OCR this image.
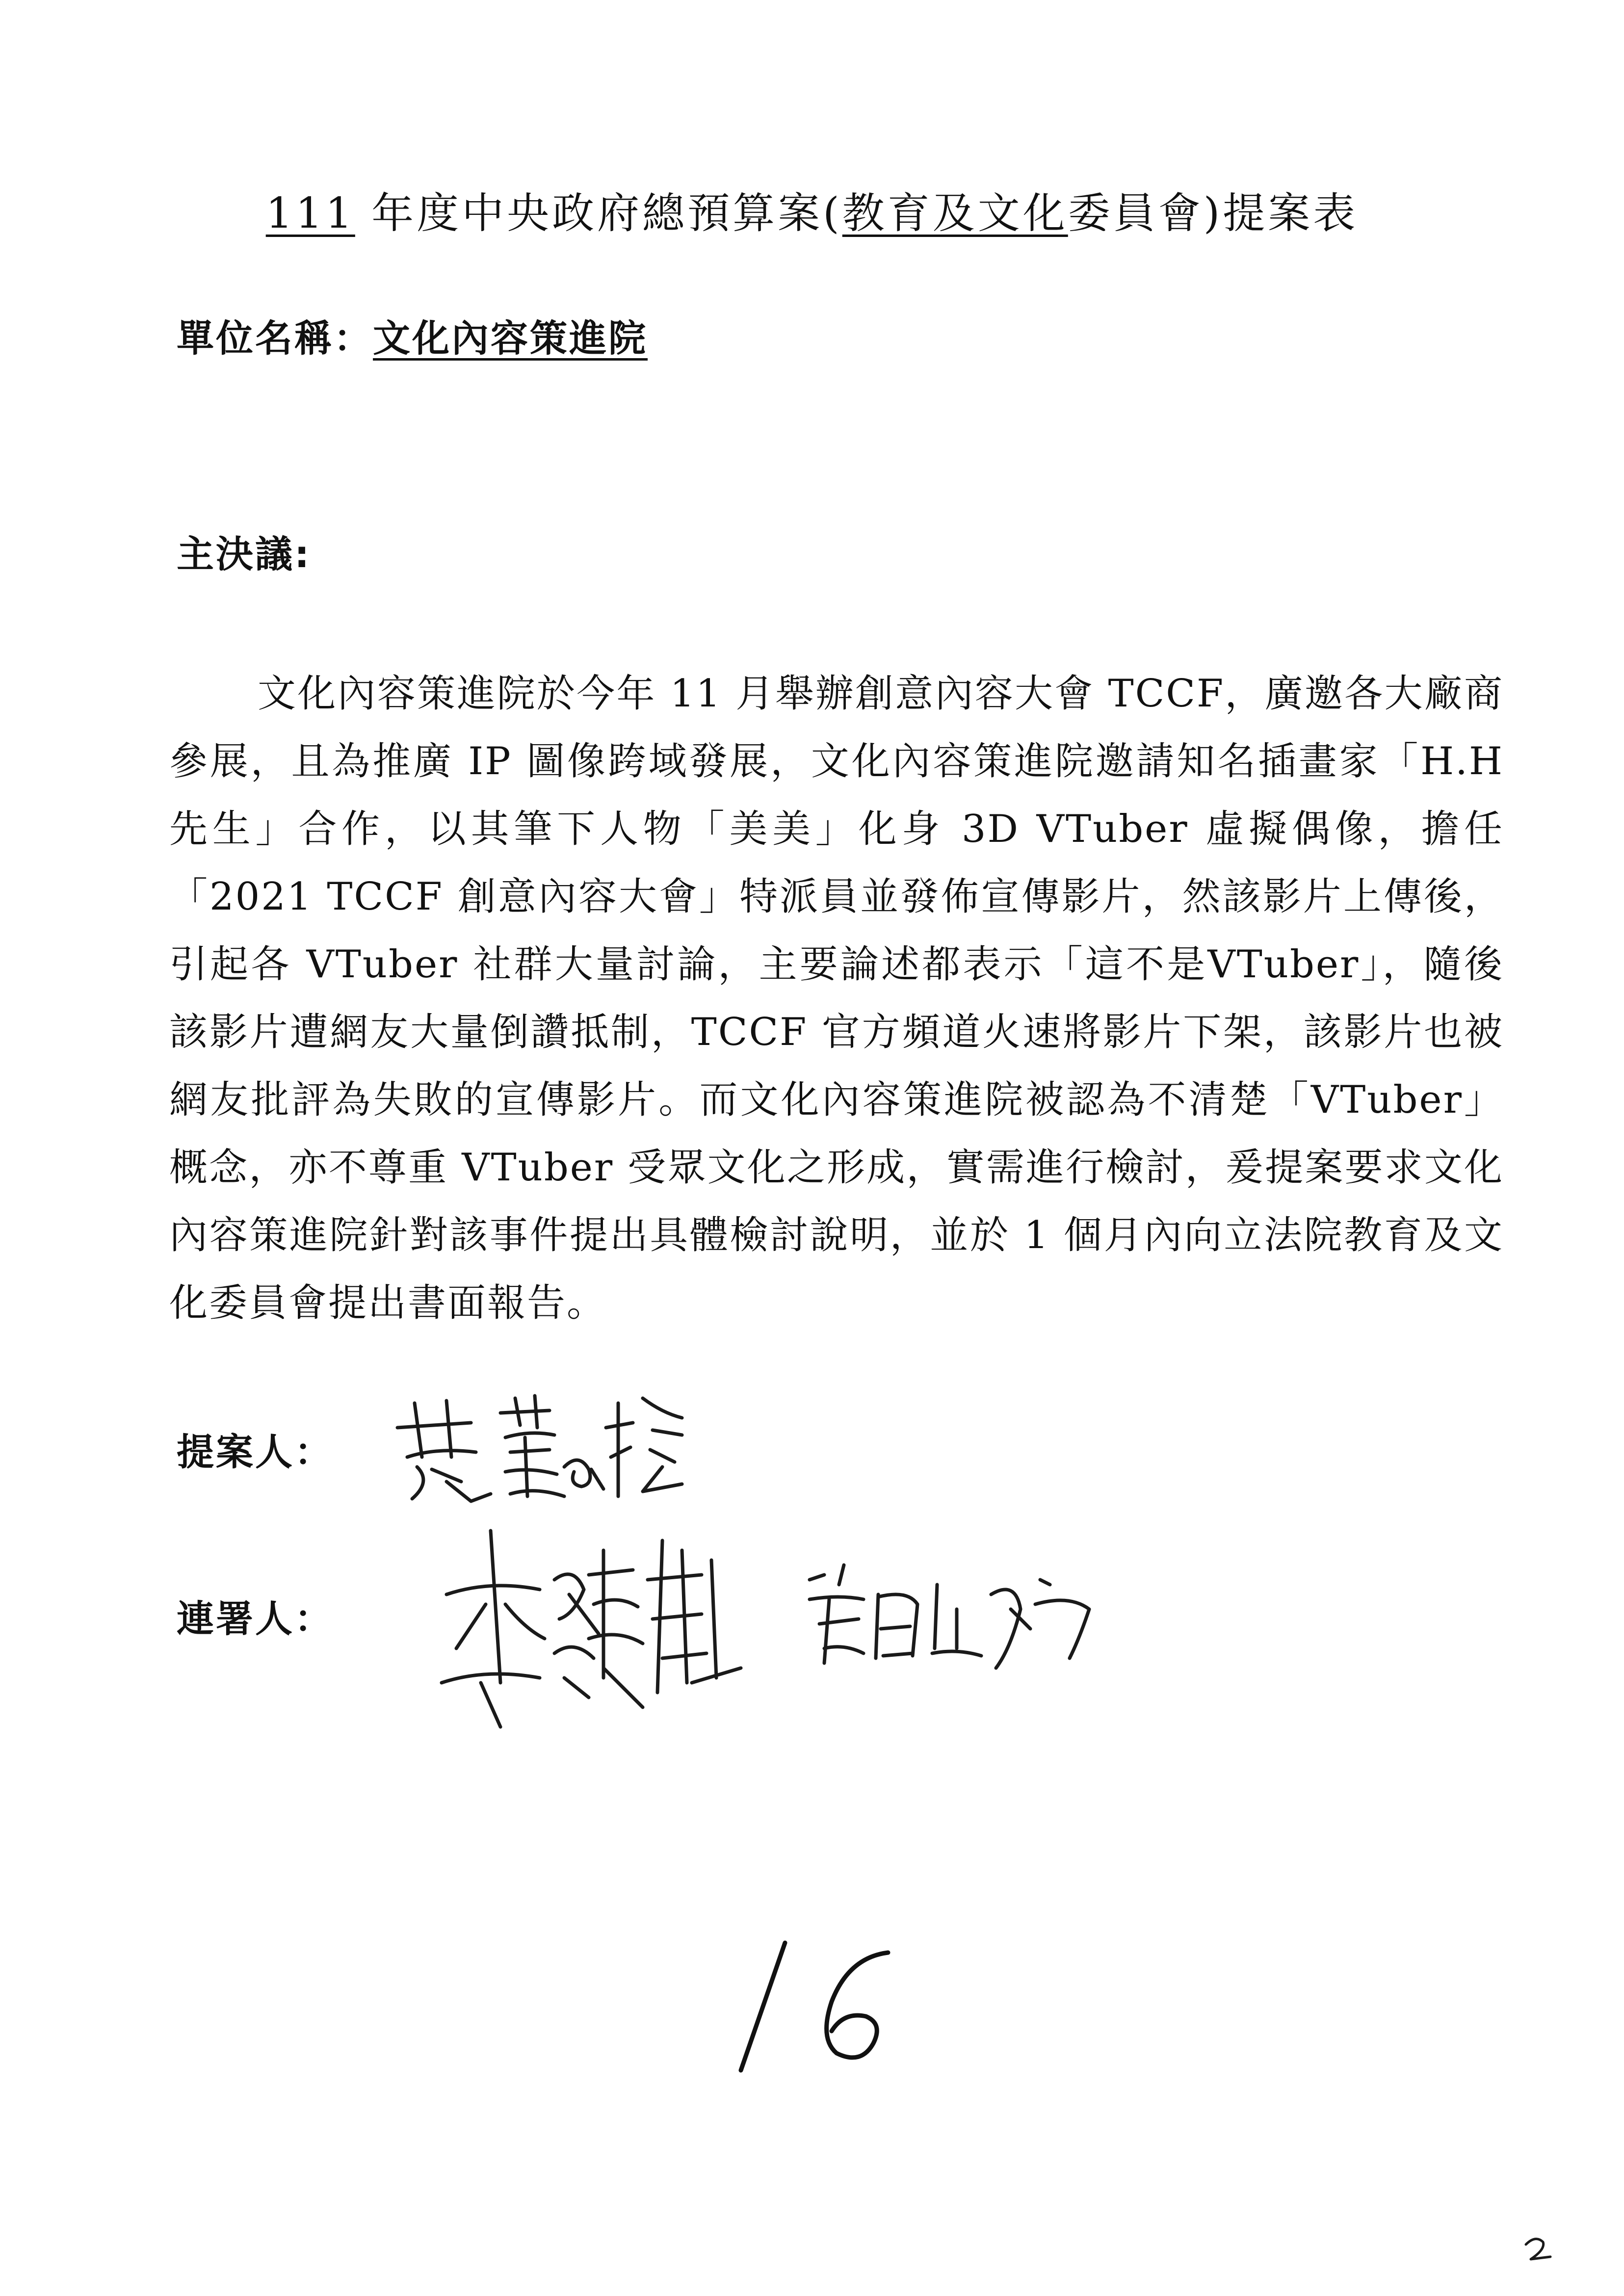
111 年度中央政府總預算案(教育及文化委員會)提案表
單位名稱：文化內容策進院
主決議:
文化內容策進院於今年 11 月舉辦創意內容大會 TCCF，廣邀各大廠商參展，且為推廣 IP 圖像跨域發展，文化內容策進院邀請知名插畫家「H.H 先生」合作，以其筆下人物「美美」化身 3D VTuber 虛擬偶像，擔任「2021 TCCF 創意內容大會」特派員並發佈宣傳影片，然該影片上傳後，引起各 VTuber 社群大量討論，主要論述都表示「這不是VTuber」，隨後該影片遭網友大量倒讚抵制，TCCF 官方頻道火速將影片下架，該影片也被網友批評為失敗的宣傳影片。而文化內容策進院被認為不清楚「VTuber」概念，亦不尊重 VTuber 受眾文化之形成，實需進行檢討，爰提案要求文化內容策進院針對該事件提出具體檢討說明，並於 1 個月內向立法院教育及文化委員會提出書面報告。
提案人：
連署人：
